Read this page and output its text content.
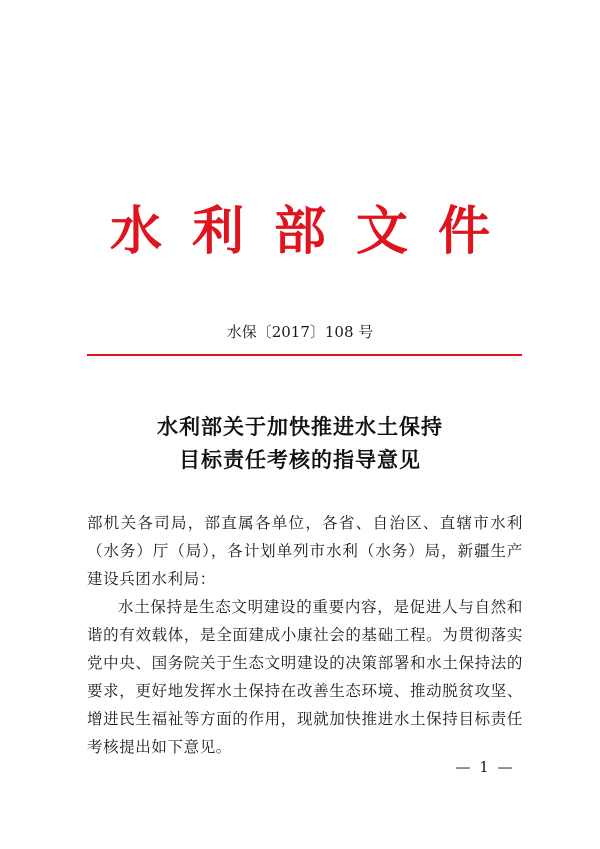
水利部文件
水保〔2017〕108 号
水利部关于加快推进水土保持
目标责任考核的指导意见

部机关各司局，部直属各单位，各省、自治区、直辖市水利（水务）厅（局），各计划单列市水利（水务）局，新疆生产建设兵团水利局：

水土保持是生态文明建设的重要内容，是促进人与自然和谐的有效载体，是全面建成小康社会的基础工程。为贯彻落实党中央、国务院关于生态文明建设的决策部署和水土保持法的要求，更好地发挥水土保持在改善生态环境、推动脱贫攻坚、增进民生福祉等方面的作用，现就加快推进水土保持目标责任考核提出如下意见。

— 1 —
